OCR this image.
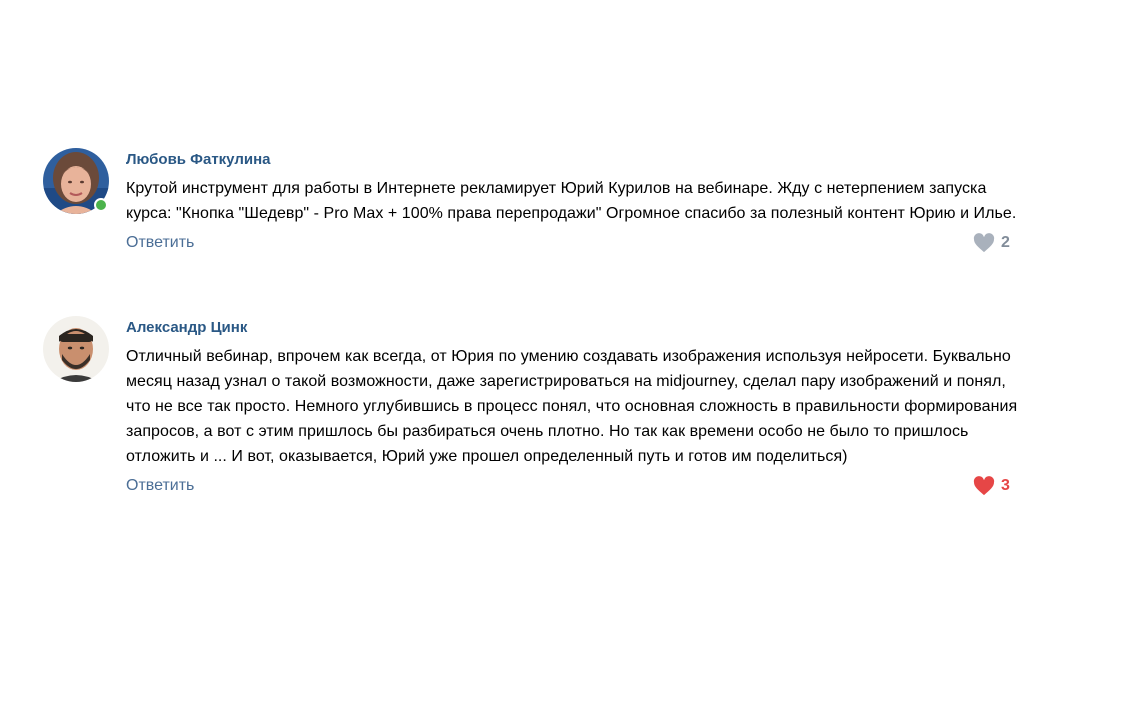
Любовь Фаткулина
Крутой инструмент для работы в Интернете рекламирует Юрий Курилов на вебинаре. Жду с нетерпением запуска курса: "Кнопка "Шедевр" - Pro Max + 100% права перепродажи" Огромное спасибо за полезный контент Юрию и Илье.
Ответить	2
Александр Цинк
Отличный вебинар, впрочем как всегда, от Юрия по умению создавать изображения используя нейросети. Буквально месяц назад узнал о такой возможности, даже зарегистрироваться на midjourney, сделал пару изображений и понял, что не все так просто. Немного углубившись в процесс понял, что основная сложность в правильности формирования запросов, а вот с этим пришлось бы разбираться очень плотно. Но так как времени особо не было то пришлось отложить и ... И вот, оказывается, Юрий уже прошел определенный путь и готов им поделиться)
Ответить	3
